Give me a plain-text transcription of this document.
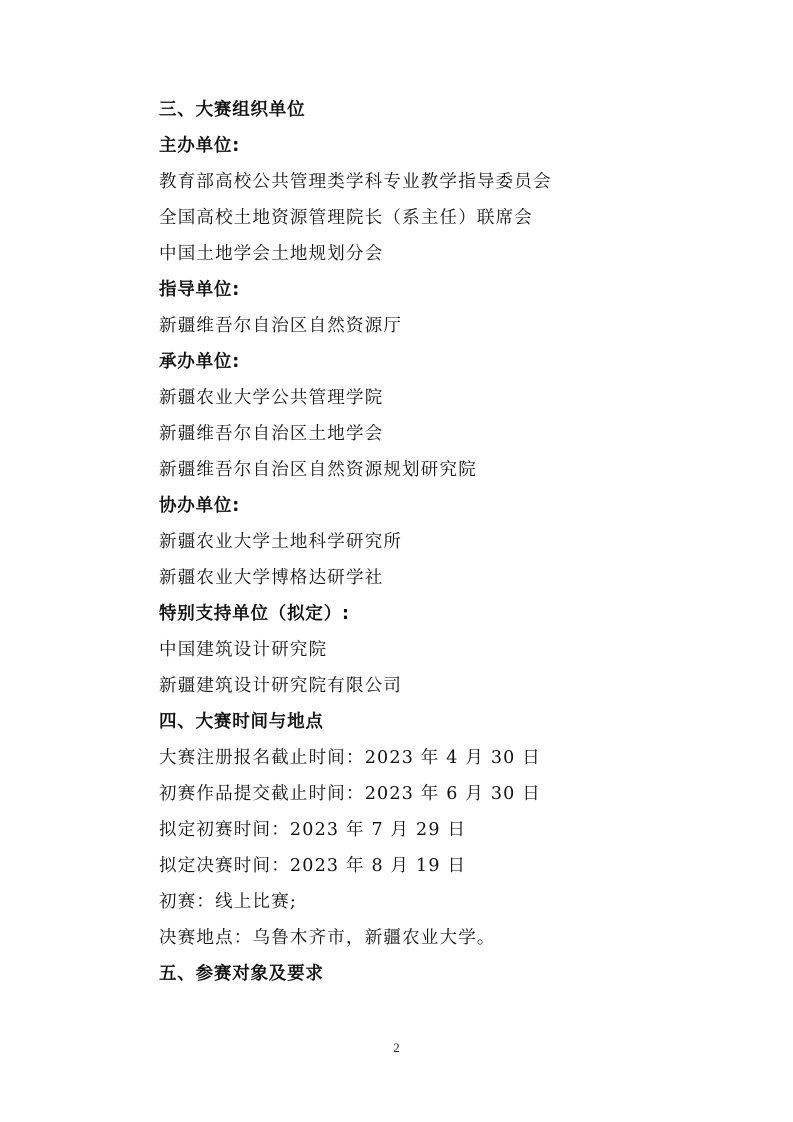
三、大赛组织单位
主办单位:
教育部高校公共管理类学科专业教学指导委员会
全国高校土地资源管理院长（系主任）联席会
中国土地学会土地规划分会
指导单位:
新疆维吾尔自治区自然资源厅
承办单位:
新疆农业大学公共管理学院
新疆维吾尔自治区土地学会
新疆维吾尔自治区自然资源规划研究院
协办单位:
新疆农业大学土地科学研究所
新疆农业大学博格达研学社
特别支持单位（拟定）:
中国建筑设计研究院
新疆建筑设计研究院有限公司
四、大赛时间与地点
大赛注册报名截止时间：2023 年 4 月 30 日
初赛作品提交截止时间：2023 年 6 月 30 日
拟定初赛时间：2023 年 7 月 29 日
拟定决赛时间：2023 年 8 月 19 日
初赛：线上比赛;
决赛地点：乌鲁木齐市，新疆农业大学。
五、参赛对象及要求
2
